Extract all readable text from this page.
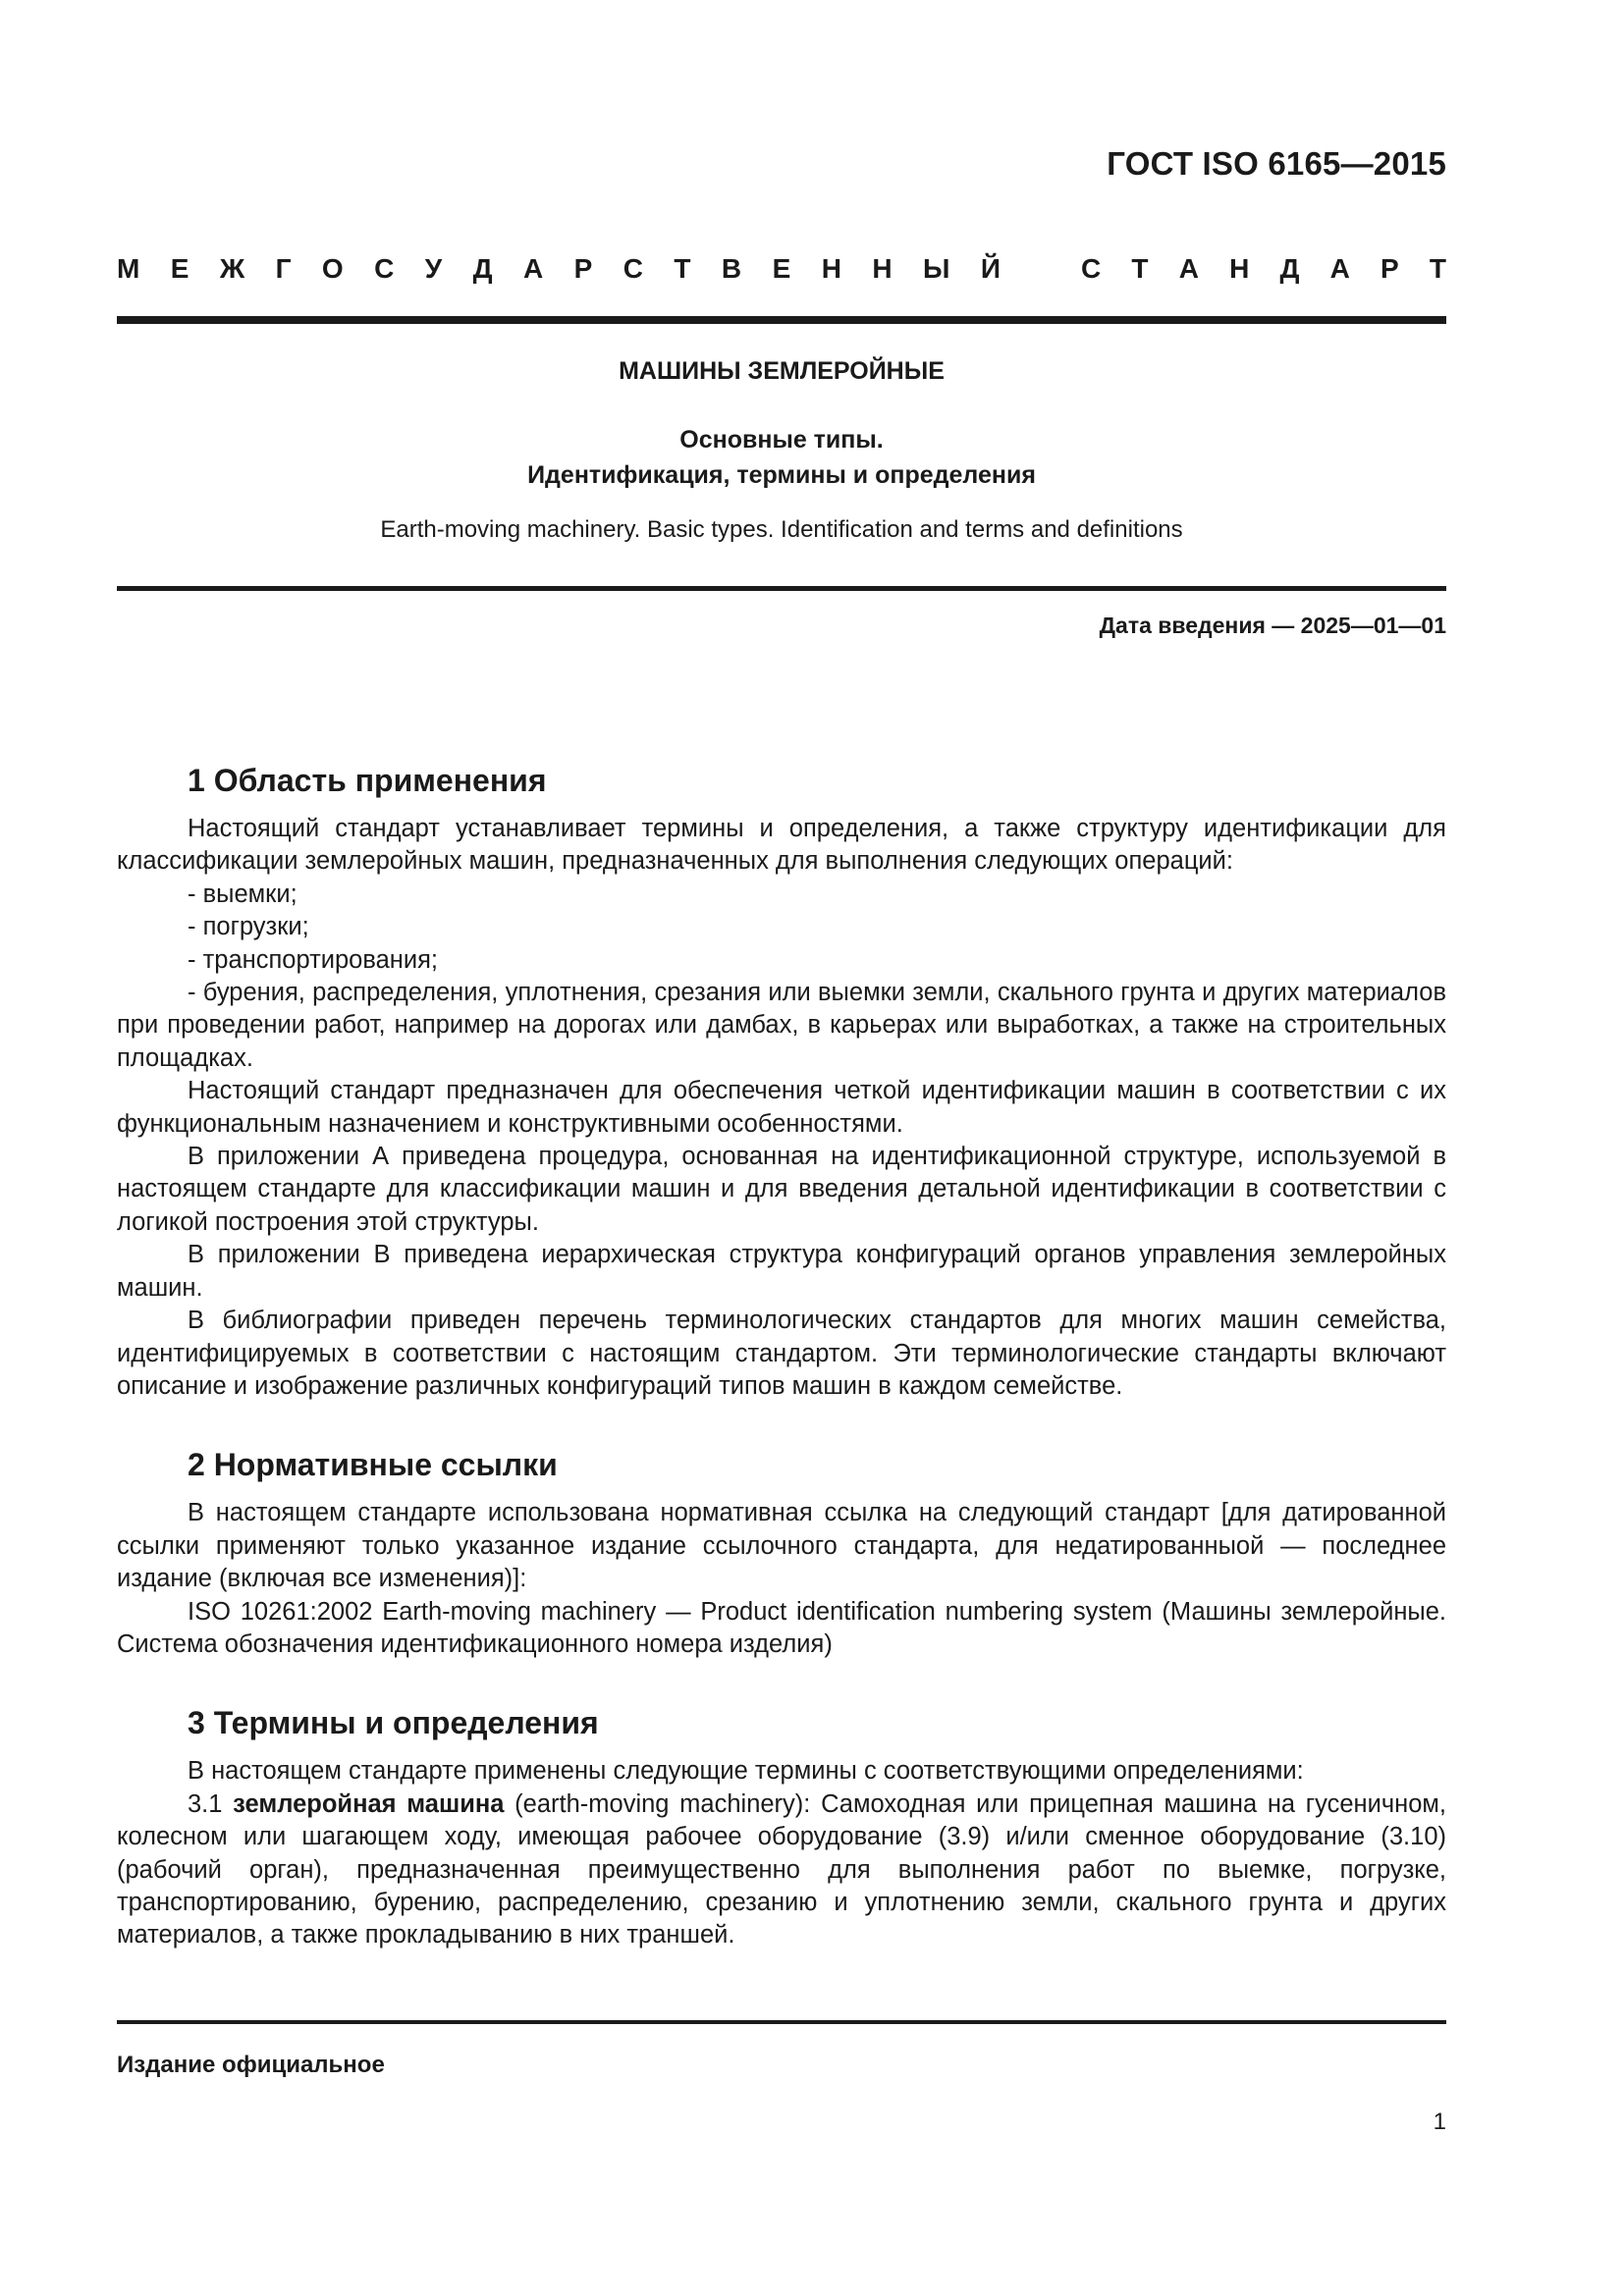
ГОСТ ISO 6165—2015
М Е Ж Г О С У Д А Р С Т В Е Н Н Ы Й	С Т А Н Д А Р Т
МАШИНЫ ЗЕМЛЕРОЙНЫЕ
Основные типы.
Идентификация, термины и определения
Earth-moving machinery. Basic types. Identification and terms and definitions
Дата введения — 2025—01—01
1 Область применения

Настоящий стандарт устанавливает термины и определения, а также структуру идентификации для классификации землеройных машин, предназначенных для выполнения следующих операций:

- выемки;

- погрузки;

- транспортирования;

- бурения, распределения, уплотнения, срезания или выемки земли, скального грунта и других материалов при проведении работ, например на дорогах или дамбах, в карьерах или выработках, а также на строительных площадках.

Настоящий стандарт предназначен для обеспечения четкой идентификации машин в соответствии с их функциональным назначением и конструктивными особенностями.

В приложении А приведена процедура, основанная на идентификационной структуре, используемой в настоящем стандарте для классификации машин и для введения детальной идентификации в соответствии с логикой построения этой структуры.

В приложении В приведена иерархическая структура конфигураций органов управления землеройных машин.

В библиографии приведен перечень терминологических стандартов для многих машин семейства, идентифицируемых в соответствии с настоящим стандартом. Эти терминологические стандарты включают описание и изображение различных конфигураций типов машин в каждом семействе.

2 Нормативные ссылки

В настоящем стандарте использована нормативная ссылка на следующий стандарт [для датированной ссылки применяют только указанное издание ссылочного стандарта, для недатированныой — последнее издание (включая все изменения)]:

ISO 10261:2002 Earth-moving machinery — Product identification numbering system (Машины землеройные. Система обозначения идентификационного номера изделия)

3 Термины и определения

В настоящем стандарте применены следующие термины с соответствующими определениями:

3.1 землеройная машина (earth-moving machinery): Самоходная или прицепная машина на гусеничном, колесном или шагающем ходу, имеющая рабочее оборудование (3.9) и/или сменное оборудование (3.10) (рабочий орган), предназначенная преимущественно для выполнения работ по выемке, погрузке, транспортированию, бурению, распределению, срезанию и уплотнению земли, скального грунта и других материалов, а также прокладыванию в них траншей.

Издание официальное
1
